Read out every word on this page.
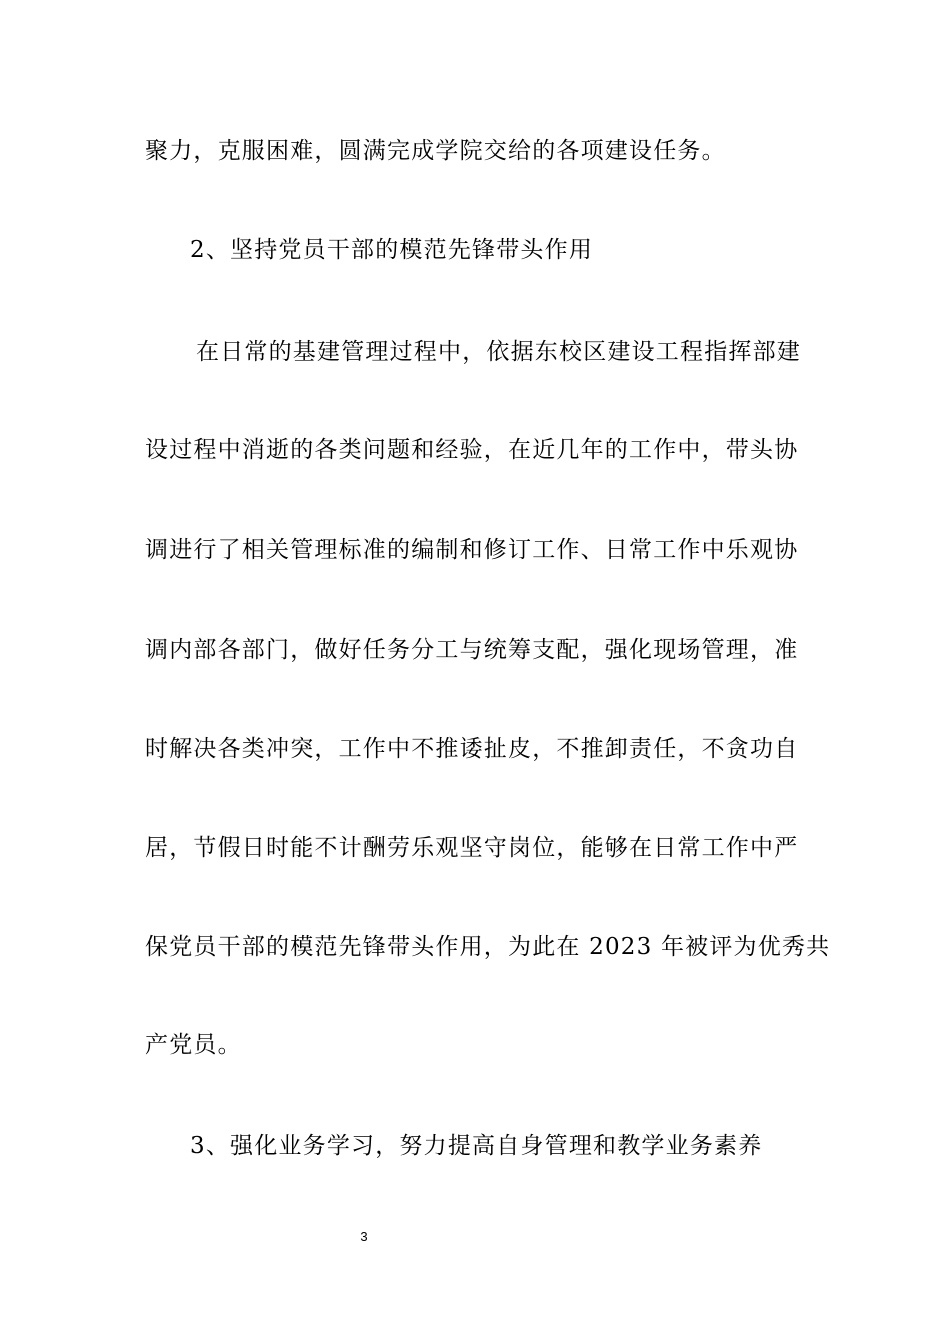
聚力，克服困难，圆满完成学院交给的各项建设任务。
2、坚持党员干部的模范先锋带头作用
在日常的基建管理过程中，依据东校区建设工程指挥部建
设过程中消逝的各类问题和经验，在近几年的工作中，带头协
调进行了相关管理标准的编制和修订工作、日常工作中乐观协
调内部各部门，做好任务分工与统筹支配，强化现场管理，准
时解决各类冲突，工作中不推诿扯皮，不推卸责任，不贪功自
居，节假日时能不计酬劳乐观坚守岗位，能够在日常工作中严
保党员干部的模范先锋带头作用，为此在 2023 年被评为优秀共
产党员。
3、强化业务学习，努力提高自身管理和教学业务素养
3
